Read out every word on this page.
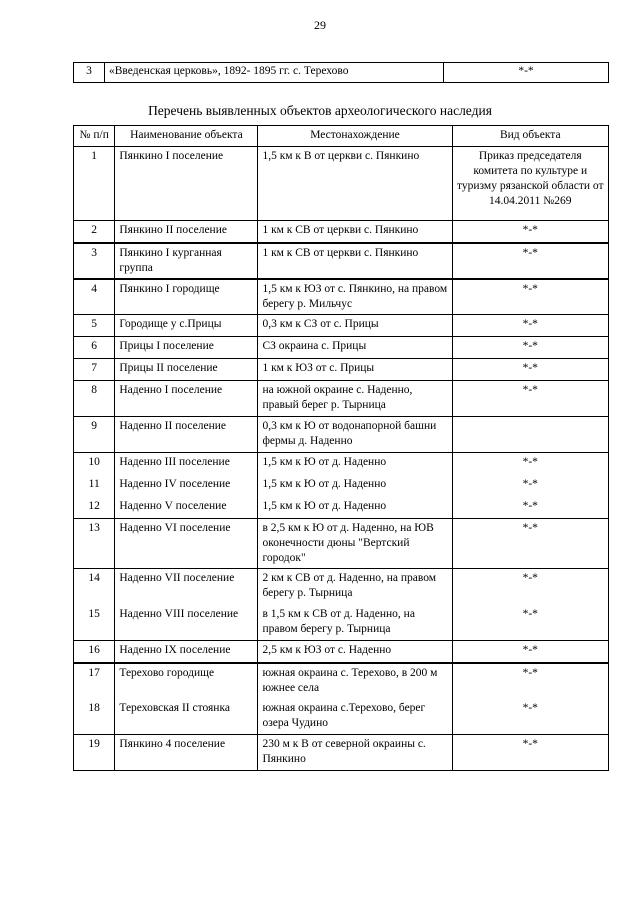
29
3	«Введенская церковь», 1892- 1895 гг. с. Терехово	*-*
Перечень выявленных объектов археологического наследия
№ п/п	Наименование объекта	Местонахождение	Вид объекта
1	Пянкино I поселение	1,5 км к В от церкви с. Пянкино	Приказ председателя комитета по культуре и туризму рязанской области от 14.04.2011 №269
2	Пянкино II поселение	1 км к СВ от церкви с. Пянкино	*-*
3	Пянкино I курганная группа	1 км к СВ от церкви с. Пянкино	*-*
4	Пянкино I городище	1,5 км к ЮЗ от с. Пянкино, на правом берегу р. Мильчус	*-*
5	Городище у с.Прицы	0,3 км к СЗ от с. Прицы	*-*
6	Прицы I поселение	СЗ окраина с. Прицы	*-*
7	Прицы II поселение	1 км к ЮЗ от с. Прицы	*-*
8	Наденно I поселение	на южной окраине с. Наденно, правый берег р. Тырница	*-*
9	Наденно II поселение	0,3 км к Ю от водонапорной башни фермы д. Наденно	
10	Наденно III поселение	1,5 км к Ю от д. Наденно	*-*
11	Наденно IV поселение	1,5 км к Ю от д. Наденно	*-*
12	Наденно V поселение	1,5 км к Ю от д. Наденно	*-*
13	Наденно VI поселение	в 2,5 км к Ю от д. Наденно, на ЮВ оконечности дюны "Вертский городок"	*-*
14	Наденно VII поселение	2 км к СВ от д. Наденно, на правом берегу р. Тырница	*-*
15	Наденно VIII поселение	в 1,5 км к СВ от д. Наденно, на правом берегу р. Тырница	*-*
16	Наденно IX поселение	2,5 км к ЮЗ от с. Наденно	*-*
17	Терехово городище	южная окраина с. Терехово, в 200 м южнее села	*-*
18	Тереховская II стоянка	южная окраина с.Терехово, берег озера Чудино	*-*
19	Пянкино 4 поселение	230 м к В от северной окраины с. Пянкино	*-*
